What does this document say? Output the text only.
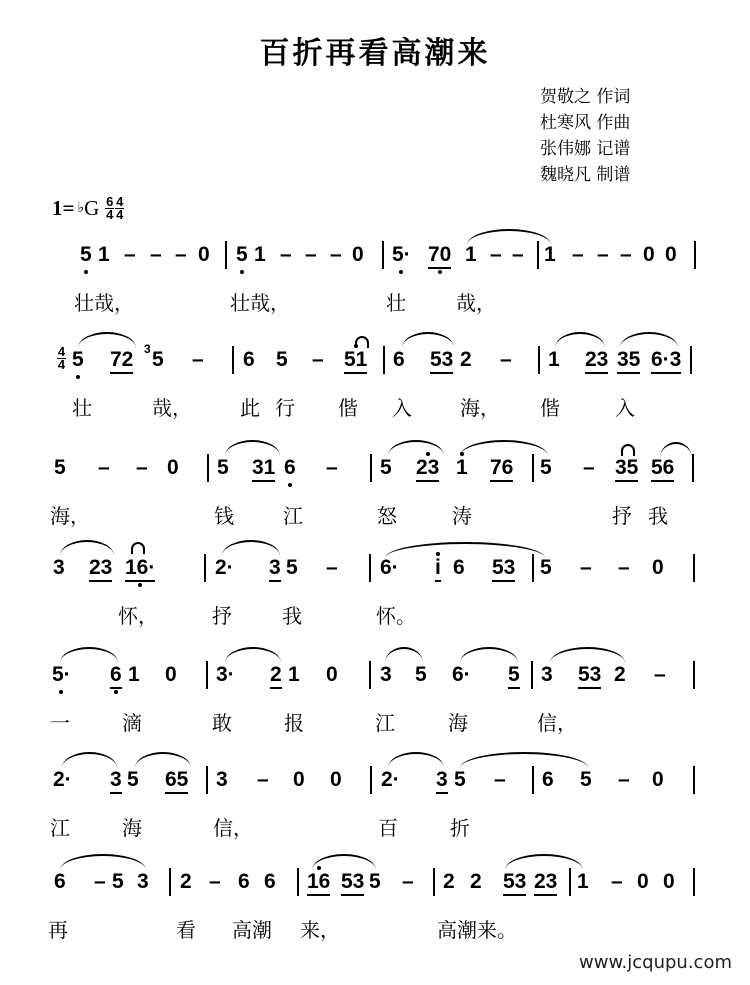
百折再看高潮来
贺敬之 作词
杜寒风 作曲
张伟娜 记谱
魏晓凡 制谱
1= ♭ G $\frac{6}{4} \frac{4}{4}$
5 1 – – – 0 5 1 – – – 0 5· 70 1 – – 1 – – – 0 0
壮哉，	壮哉，	壮	哉，
4
4 5 72 3 5 – 6 5 – 51 6 53 2 – 1 23 35 6·3
壮	哉， 此 行 偕 入 海， 偕	入
5 – – 0 5 31 6 – 5 23 1 76 5 – 35 56
海，	钱 江	怒	涛	抒 我
3 23 16·	2· 3 5 – 6· i 6 53 5 – – 0
怀，	抒	我	怀。
5· 6 1 0 3· 2 1 0 3 5 6· 5 3 53 2 –
一	滴	敢	报	江	海	信，
2· 3 5 65 3 – 0 0 2· 3 5 – 6 5 – 0
江	海	信，	百	折
6 – 5 3 2 – 6 6 16 53 5 – 2 2 53 23 1 – 0 0
再	看 高潮 来，	高潮来。
www.jcqupu.com
